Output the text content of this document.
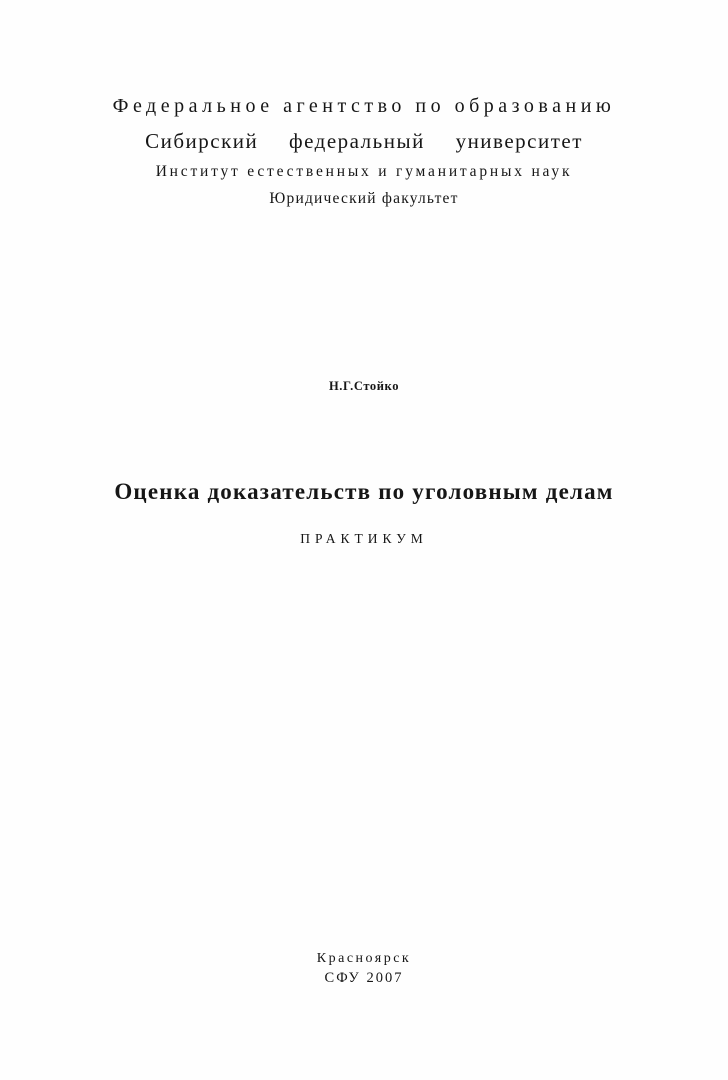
Федеральное агентство по образованию
Сибирский федеральный университет
Институт естественных и гуманитарных наук
Юридический факультет
Н.Г.Стойко
Оценка доказательств по уголовным делам
ПРАКТИКУМ
Красноярск
СФУ 2007
